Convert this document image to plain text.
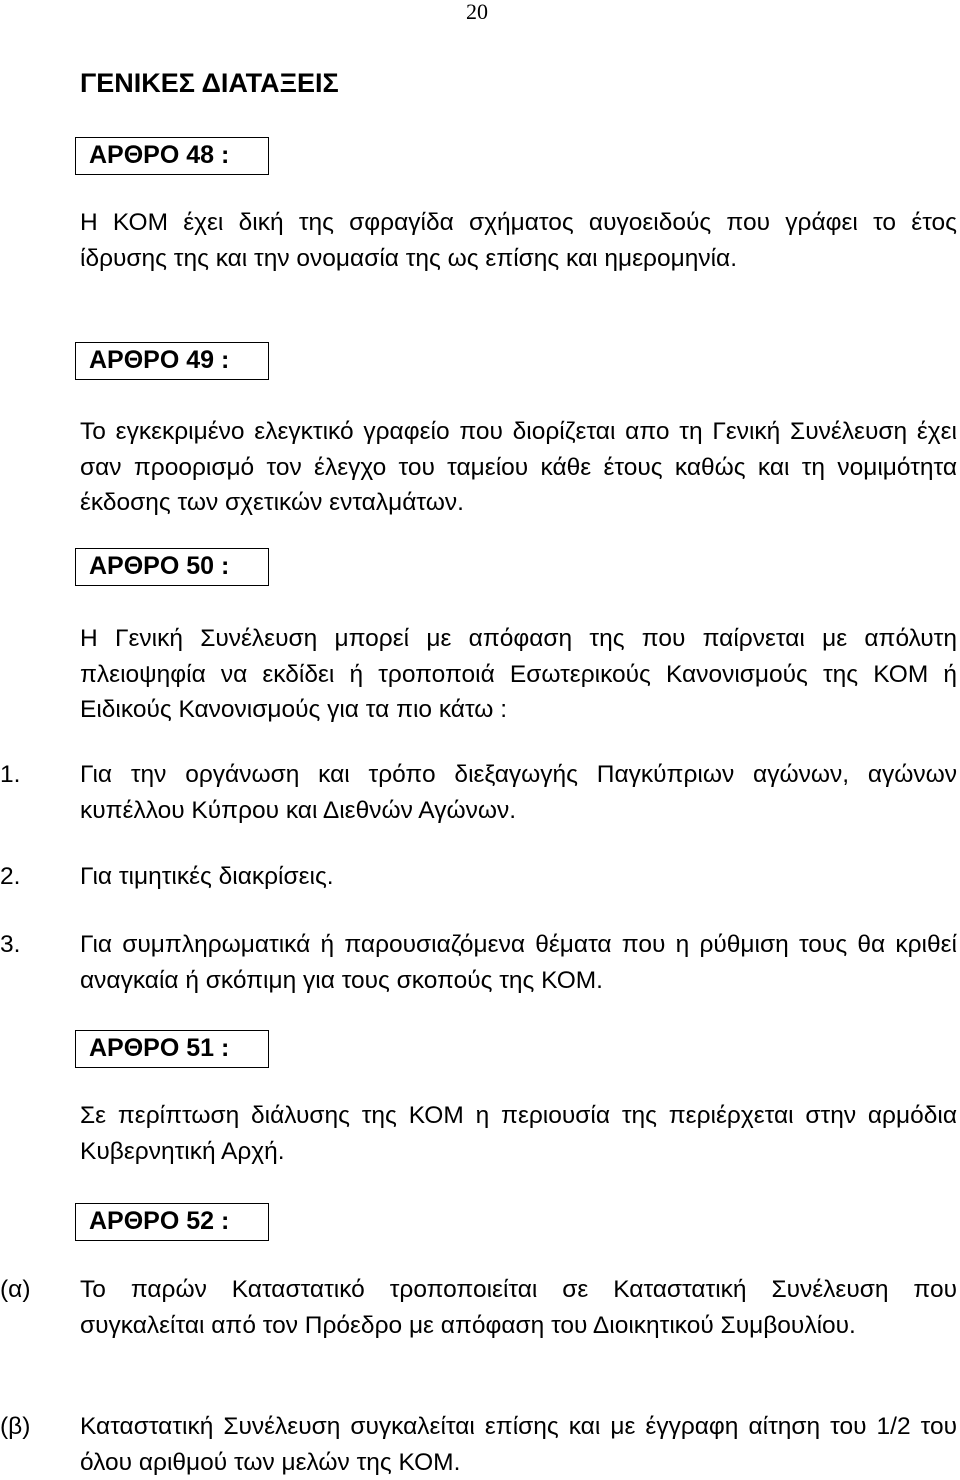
20
ΓΕΝΙΚΕΣ ΔΙΑΤΑΞΕΙΣ
ΑΡΘΡΟ 48 :

Η ΚΟΜ έχει δική της σφραγίδα σχήματος αυγοειδούς που γράφει το έτος ίδρυσης της και την ονομασία της ως επίσης και ημερομηνία.

ΑΡΘΡΟ 49 :

Το εγκεκριμένο ελεγκτικό γραφείο που διορίζεται απο τη Γενική Συνέλευση έχει σαν προορισμό τον έλεγχο του ταμείου κάθε έτους καθώς και τη νομιμότητα έκδοσης των σχετικών ενταλμάτων.

ΑΡΘΡΟ 50 :

Η Γενική Συνέλευση μπορεί με απόφαση της που παίρνεται με απόλυτη πλειοψηφία να εκδίδει ή τροποποιά Εσωτερικούς Κανονισμούς της ΚΟΜ ή Ειδικούς Κανονισμούς για τα πιο κάτω :

1. Για την οργάνωση και τρόπο διεξαγωγής Παγκύπριων αγώνων, αγώνων κυπέλλου Κύπρου και Διεθνών Αγώνων.

2. Για τιμητικές διακρίσεις.

3. Για συμπληρωματικά ή παρουσιαζόμενα θέματα που η ρύθμιση τους θα κριθεί αναγκαία ή σκόπιμη για τους σκοπούς της ΚΟΜ.

ΑΡΘΡΟ 51 :

Σε περίπτωση διάλυσης της ΚΟΜ η περιουσία της περιέρχεται στην αρμόδια Κυβερνητική Αρχή.

ΑΡΘΡΟ 52 :
(α) Το παρών Καταστατικό τροποποιείται σε Καταστατική Συνέλευση που συγκαλείται από τον Πρόεδρο με απόφαση του Διοικητικού Συμβουλίου.

(β) Καταστατική Συνέλευση συγκαλείται επίσης και με έγγραφη αίτηση του 1/2 του όλου αριθμού των μελών της ΚΟΜ.
